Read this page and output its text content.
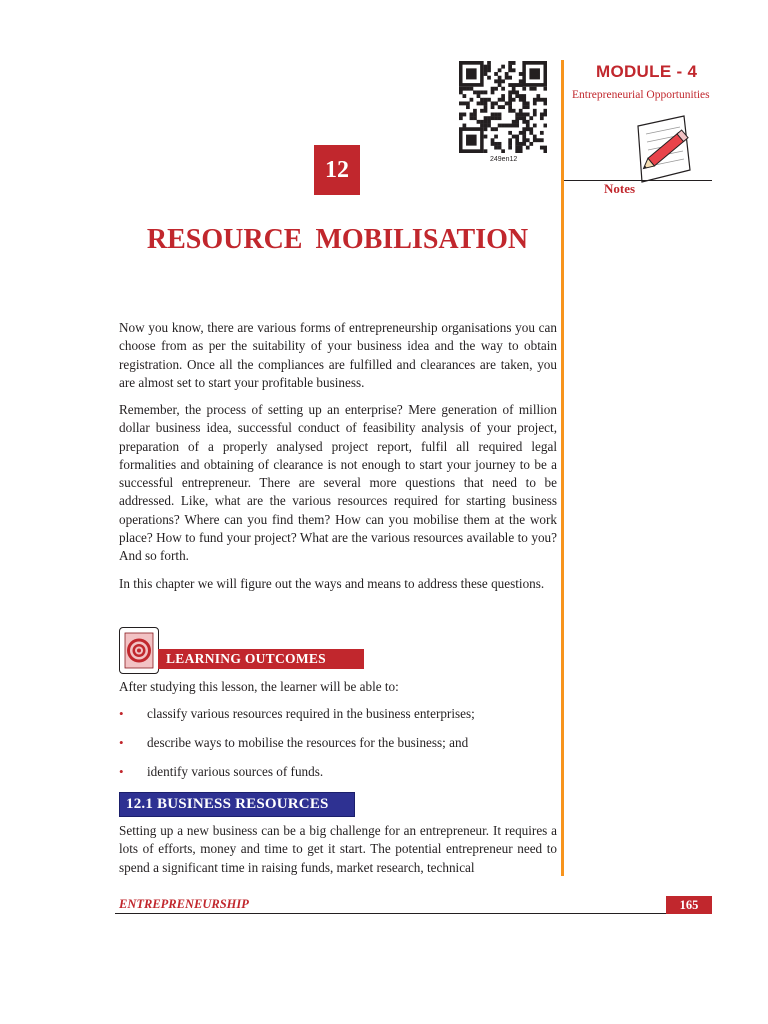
MODULE - 4
Entrepreneurial Opportunities
Notes
249en12
12
RESOURCE MOBILISATION

Now you know, there are various forms of entrepreneurship organisations you can choose from as per the suitability of your business idea and the way to obtain registration. Once all the compliances are fulfilled and clearances are taken, you are almost set to start your profitable business.

Remember, the process of setting up an enterprise? Mere generation of million dollar business idea, successful conduct of feasibility analysis of your project, preparation of a properly analysed project report, fulfil all required legal formalities and obtaining of clearance is not enough to start your journey to be a successful entrepreneur. There are several more questions that need to be addressed. Like, what are the various resources required for starting business operations? Where can you find them? How can you mobilise them at the work place? How to fund your project? What are the various resources available to you? And so forth.

In this chapter we will figure out the ways and means to address these questions.

LEARNING OUTCOMES
After studying this lesson, the learner will be able to:
• classify various resources required in the business enterprises;
• describe ways to mobilise the resources for the business; and
• identify various sources of funds.
12.1 BUSINESS RESOURCES

Setting up a new business can be a big challenge for an entrepreneur. It requires a lots of efforts, money and time to get it start. The potential entrepreneur need to spend a significant time in raising funds, market research, technical

ENTREPRENEURSHIP	165
